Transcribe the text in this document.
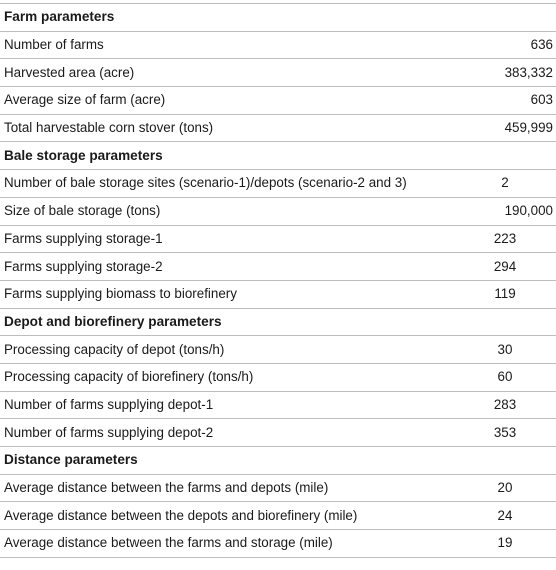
Farm parameters	
Number of farms	636
Harvested area (acre)	383,332
Average size of farm (acre)	603
Total harvestable corn stover (tons)	459,999
Bale storage parameters	
Number of bale storage sites (scenario-1)/depots (scenario-2 and 3)	2
Size of bale storage (tons)	190,000
Farms supplying storage-1	223
Farms supplying storage-2	294
Farms supplying biomass to biorefinery	119
Depot and biorefinery parameters	
Processing capacity of depot (tons/h)	30
Processing capacity of biorefinery (tons/h)	60
Number of farms supplying depot-1	283
Number of farms supplying depot-2	353
Distance parameters	
Average distance between the farms and depots (mile)	20
Average distance between the depots and biorefinery (mile)	24
Average distance between the farms and storage (mile)	19
